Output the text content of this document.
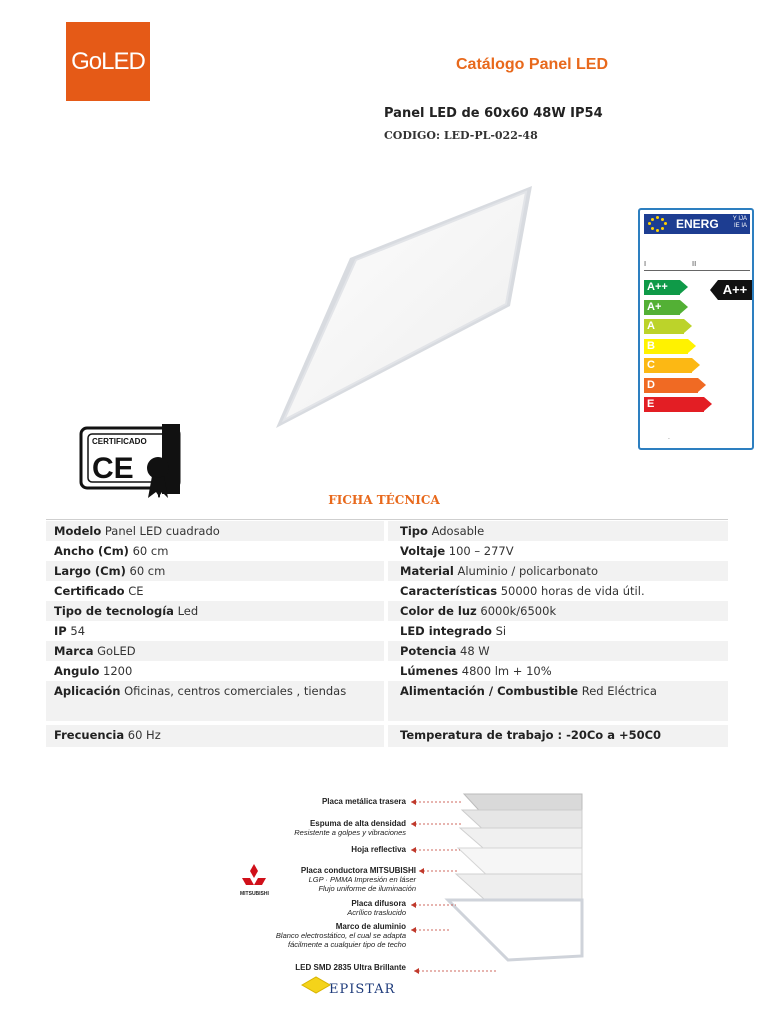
GoLED	Catálogo Panel LED
Panel LED de 60x60 48W IP54
CODIGO: LED-PL-022-48
ENERG Y IJA
IE IA
I	II
A++
A+
A
B
C
D
E
A++
.
CERTIFICADO
CE
FICHA TÉCNICA
Modelo Panel LED cuadrado	Tipo Adosable
Ancho (Cm) 60 cm	Voltaje 100 – 277V
Largo (Cm) 60 cm	Material Aluminio / policarbonato
Certificado CE	Características 50000 horas de vida útil.
Tipo de tecnología Led	Color de luz 6000k/6500k
IP 54	LED integrado Si
Marca GoLED	Potencia 48 W
Angulo 1200	Lúmenes 4800 lm + 10%
Aplicación Oficinas, centros comerciales , tiendas	Alimentación / Combustible Red Eléctrica
Frecuencia 60 Hz	Temperatura de trabajo : -20Co a +50C0
Placa metálica trasera
Espuma de alta densidad
Resistente a golpes y vibraciones
Hoja reflectiva
Placa conductora MITSUBISHI
LGP · PMMA Impresión en láser
Flujo uniforme de iluminación
Placa difusora
Acrílico traslucido
Marco de aluminio
Blanco electrostático, el cual se adapta
fácilmente a cualquier tipo de techo
LED SMD 2835 Ultra Brillante
MITSUBISHI
EPISTAR
